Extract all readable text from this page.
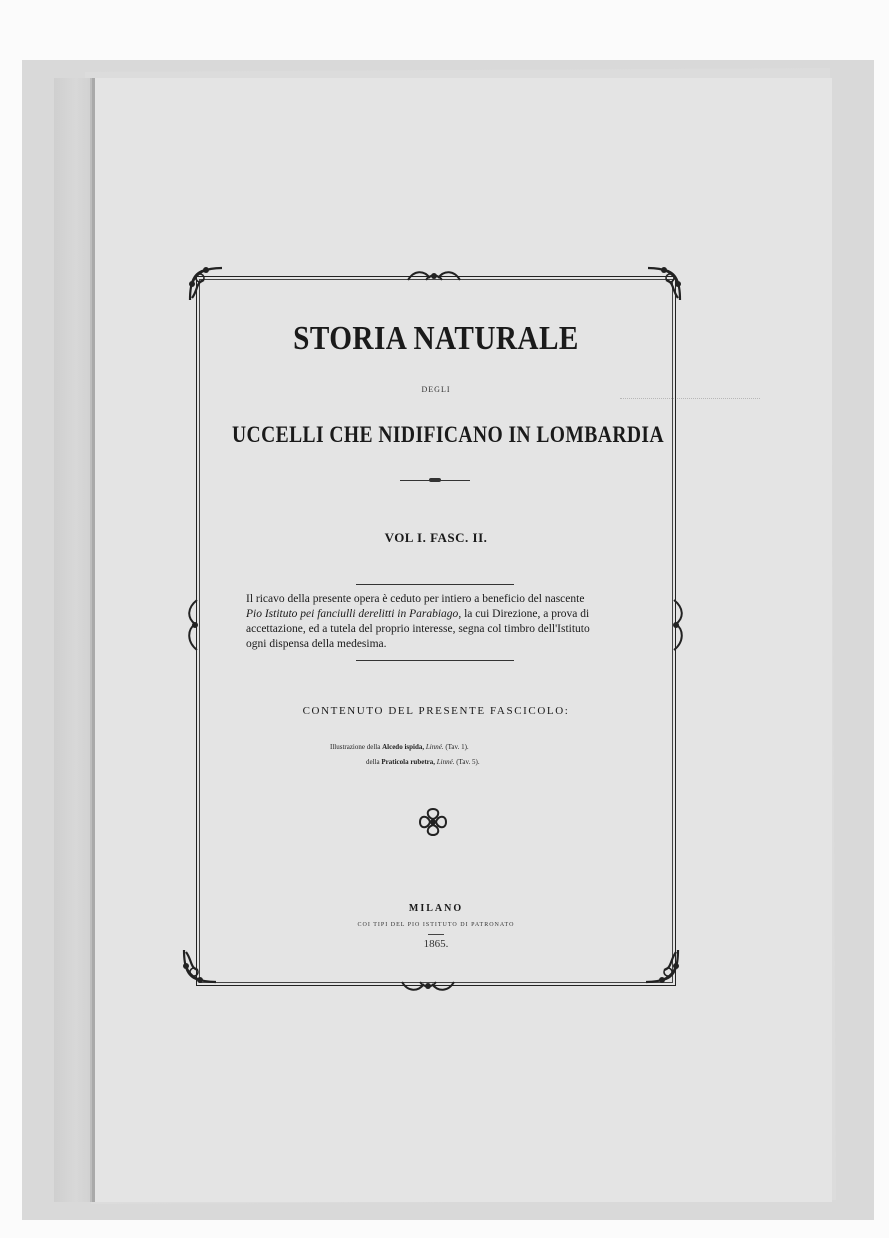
STORIA NATURALE
DEGLI
UCCELLI CHE NIDIFICANO IN LOMBARDIA
VOL I. FASC. II.
Il ricavo della presente opera è ceduto per intiero a beneficio del nascente
Pio Istituto pei fanciulli derelitti in Parabiago, la cui Direzione, a prova di
accettazione, ed a tutela del proprio interesse, segna col timbro dell'Istituto
ogni dispensa della medesima.
CONTENUTO DEL PRESENTE FASCICOLO:
Illustrazione della Alcedo ispida, Linné. (Tav. 1).
della Praticola rubetra, Linné. (Tav. 5).
MILANO
COI TIPI DEL PIO ISTITUTO DI PATRONATO
1865.
